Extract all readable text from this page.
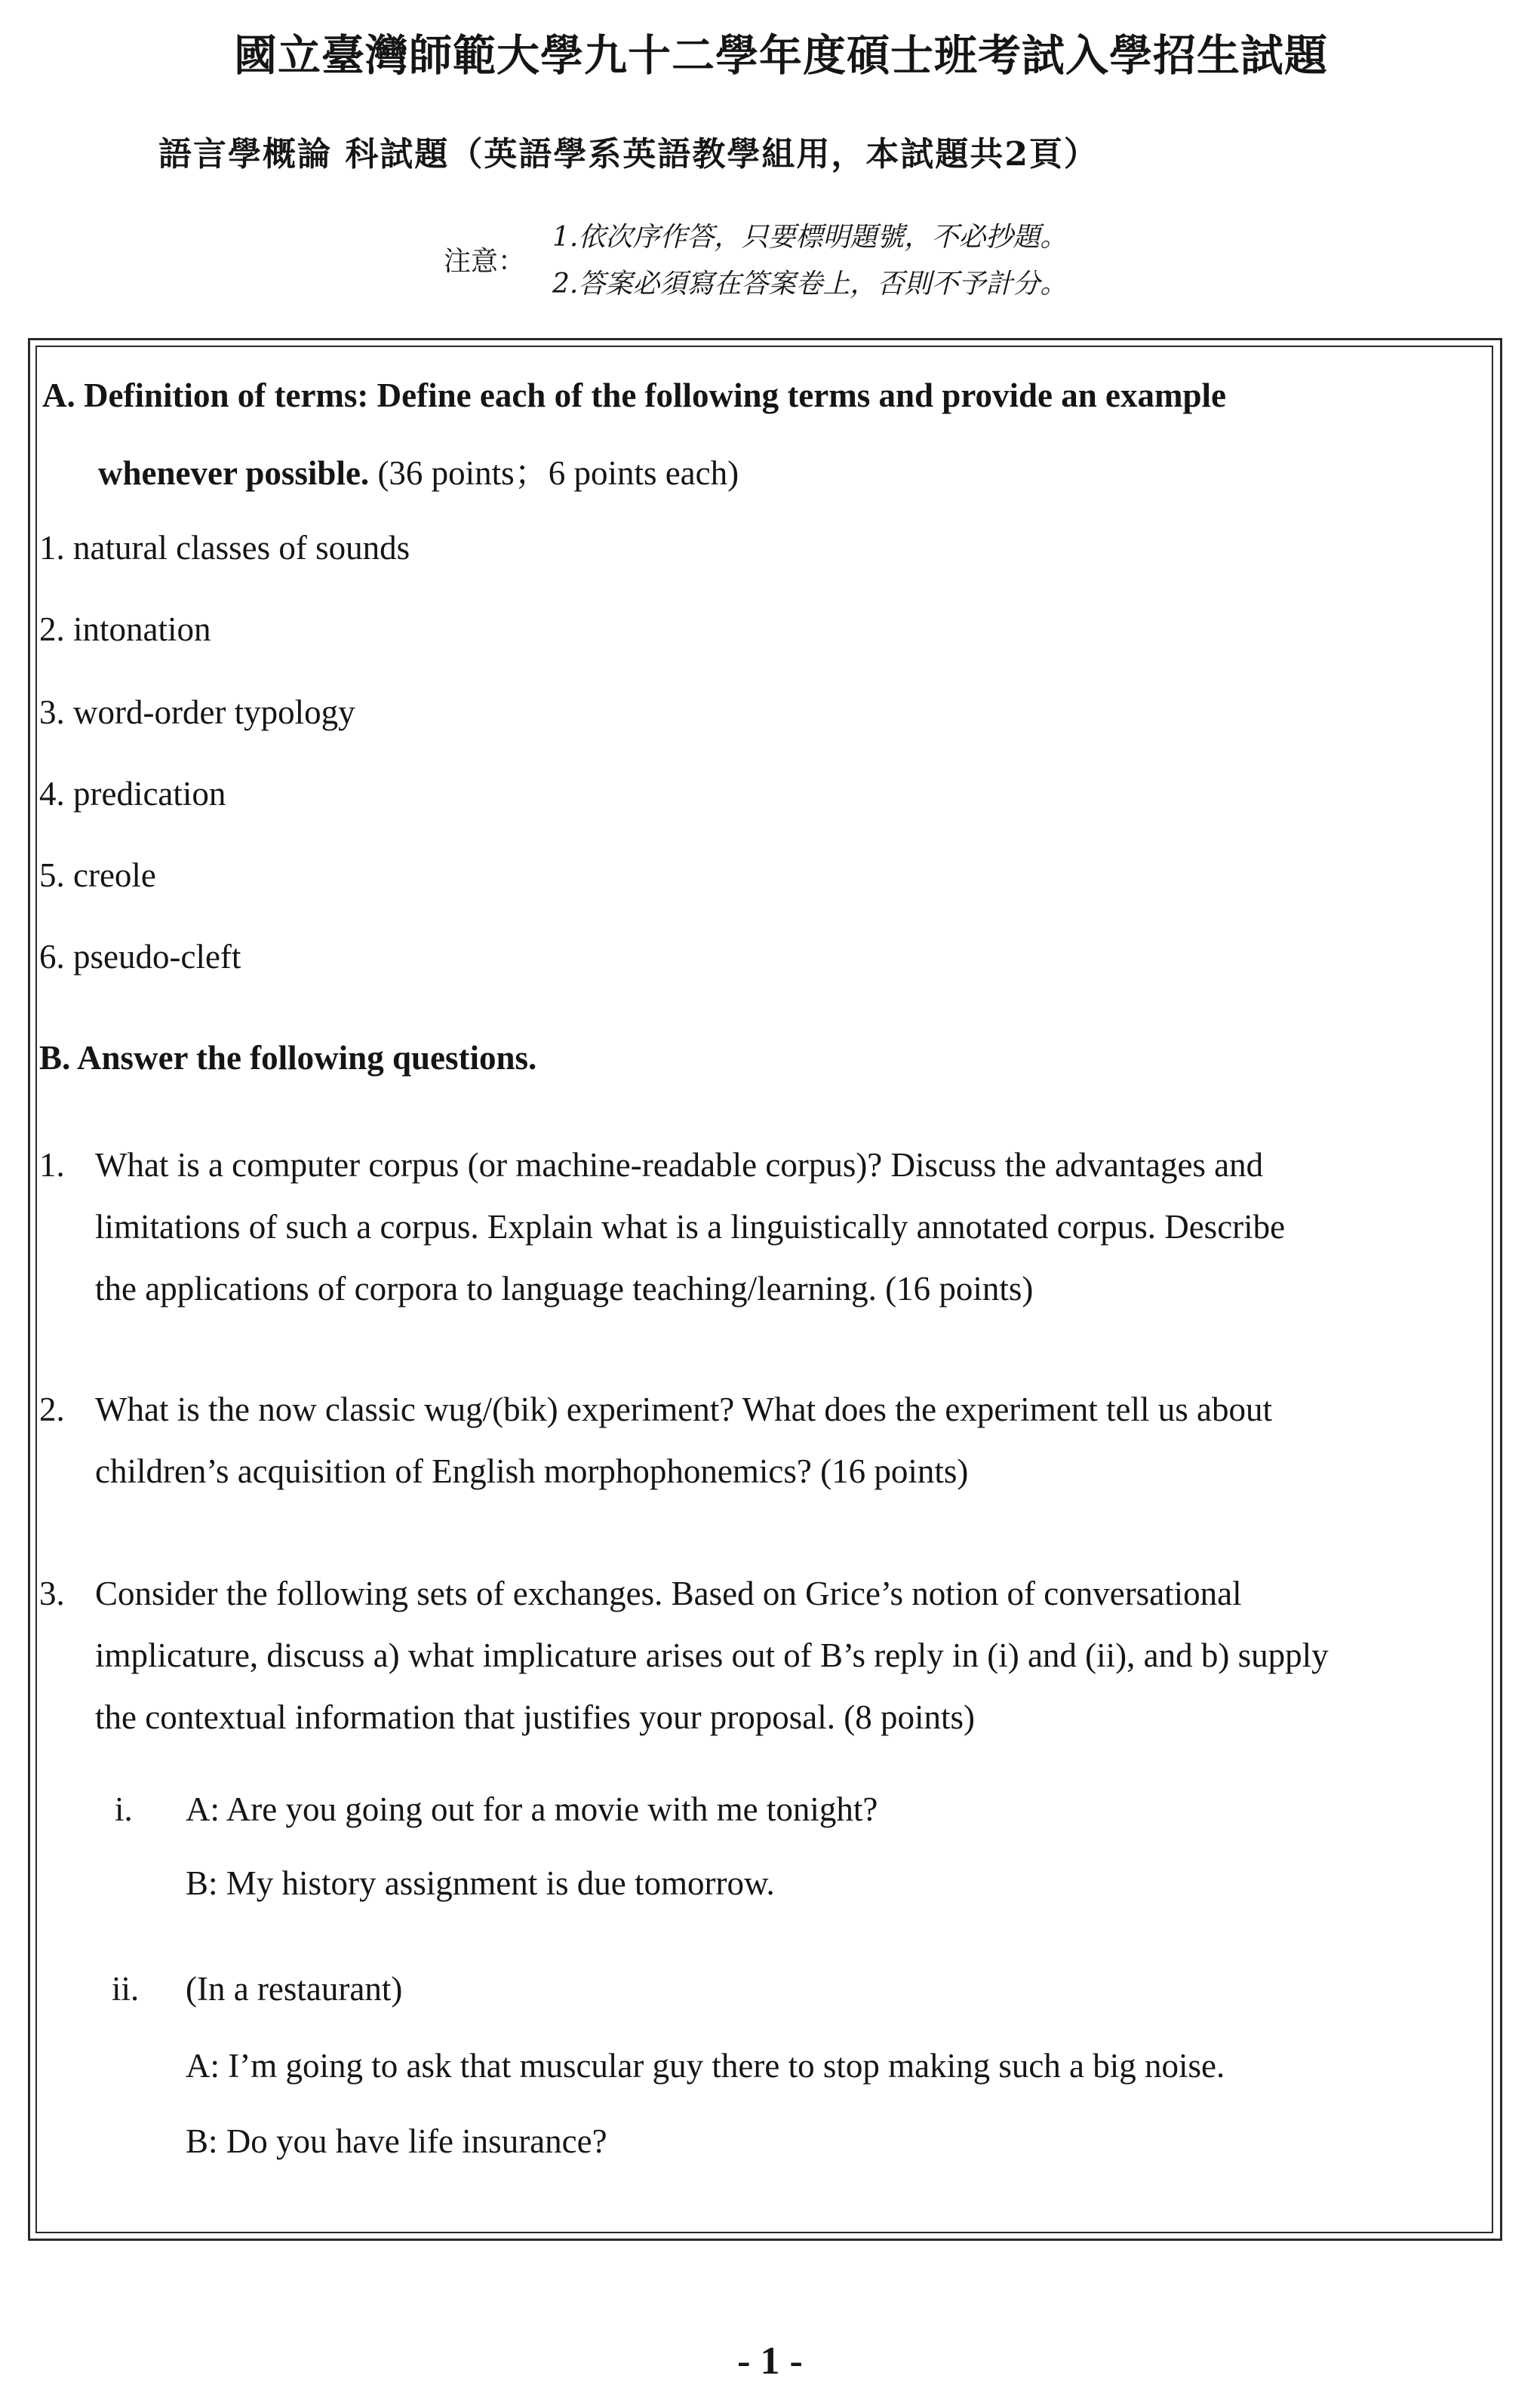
國立臺灣師範大學九十二學年度碩士班考試入學招生試題
語言學概論 科試題（英語學系英語教學組用，本試題共2頁）
注意：
1.依次序作答，只要標明題號，不必抄題。
2.答案必須寫在答案卷上，否則不予計分。
A. Definition of terms: Define each of the following terms and provide an example
whenever possible. (36 points；6 points each)
1. natural classes of sounds
2. intonation
3. word-order typology
4. predication
5. creole
6. pseudo-cleft
B. Answer the following questions.
1. What is a computer corpus (or machine-readable corpus)? Discuss the advantages and
limitations of such a corpus. Explain what is a linguistically annotated corpus. Describe
the applications of corpora to language teaching/learning. (16 points)
2. What is the now classic wug/(bik) experiment? What does the experiment tell us about
children’s acquisition of English morphophonemics? (16 points)
3. Consider the following sets of exchanges. Based on Grice’s notion of conversational
implicature, discuss a) what implicature arises out of B’s reply in (i) and (ii), and b) supply
the contextual information that justifies your proposal. (8 points)
i. A: Are you going out for a movie with me tonight?
B: My history assignment is due tomorrow.
ii. (In a restaurant)
A: I’m going to ask that muscular guy there to stop making such a big noise.
B: Do you have life insurance?
- 1 -
